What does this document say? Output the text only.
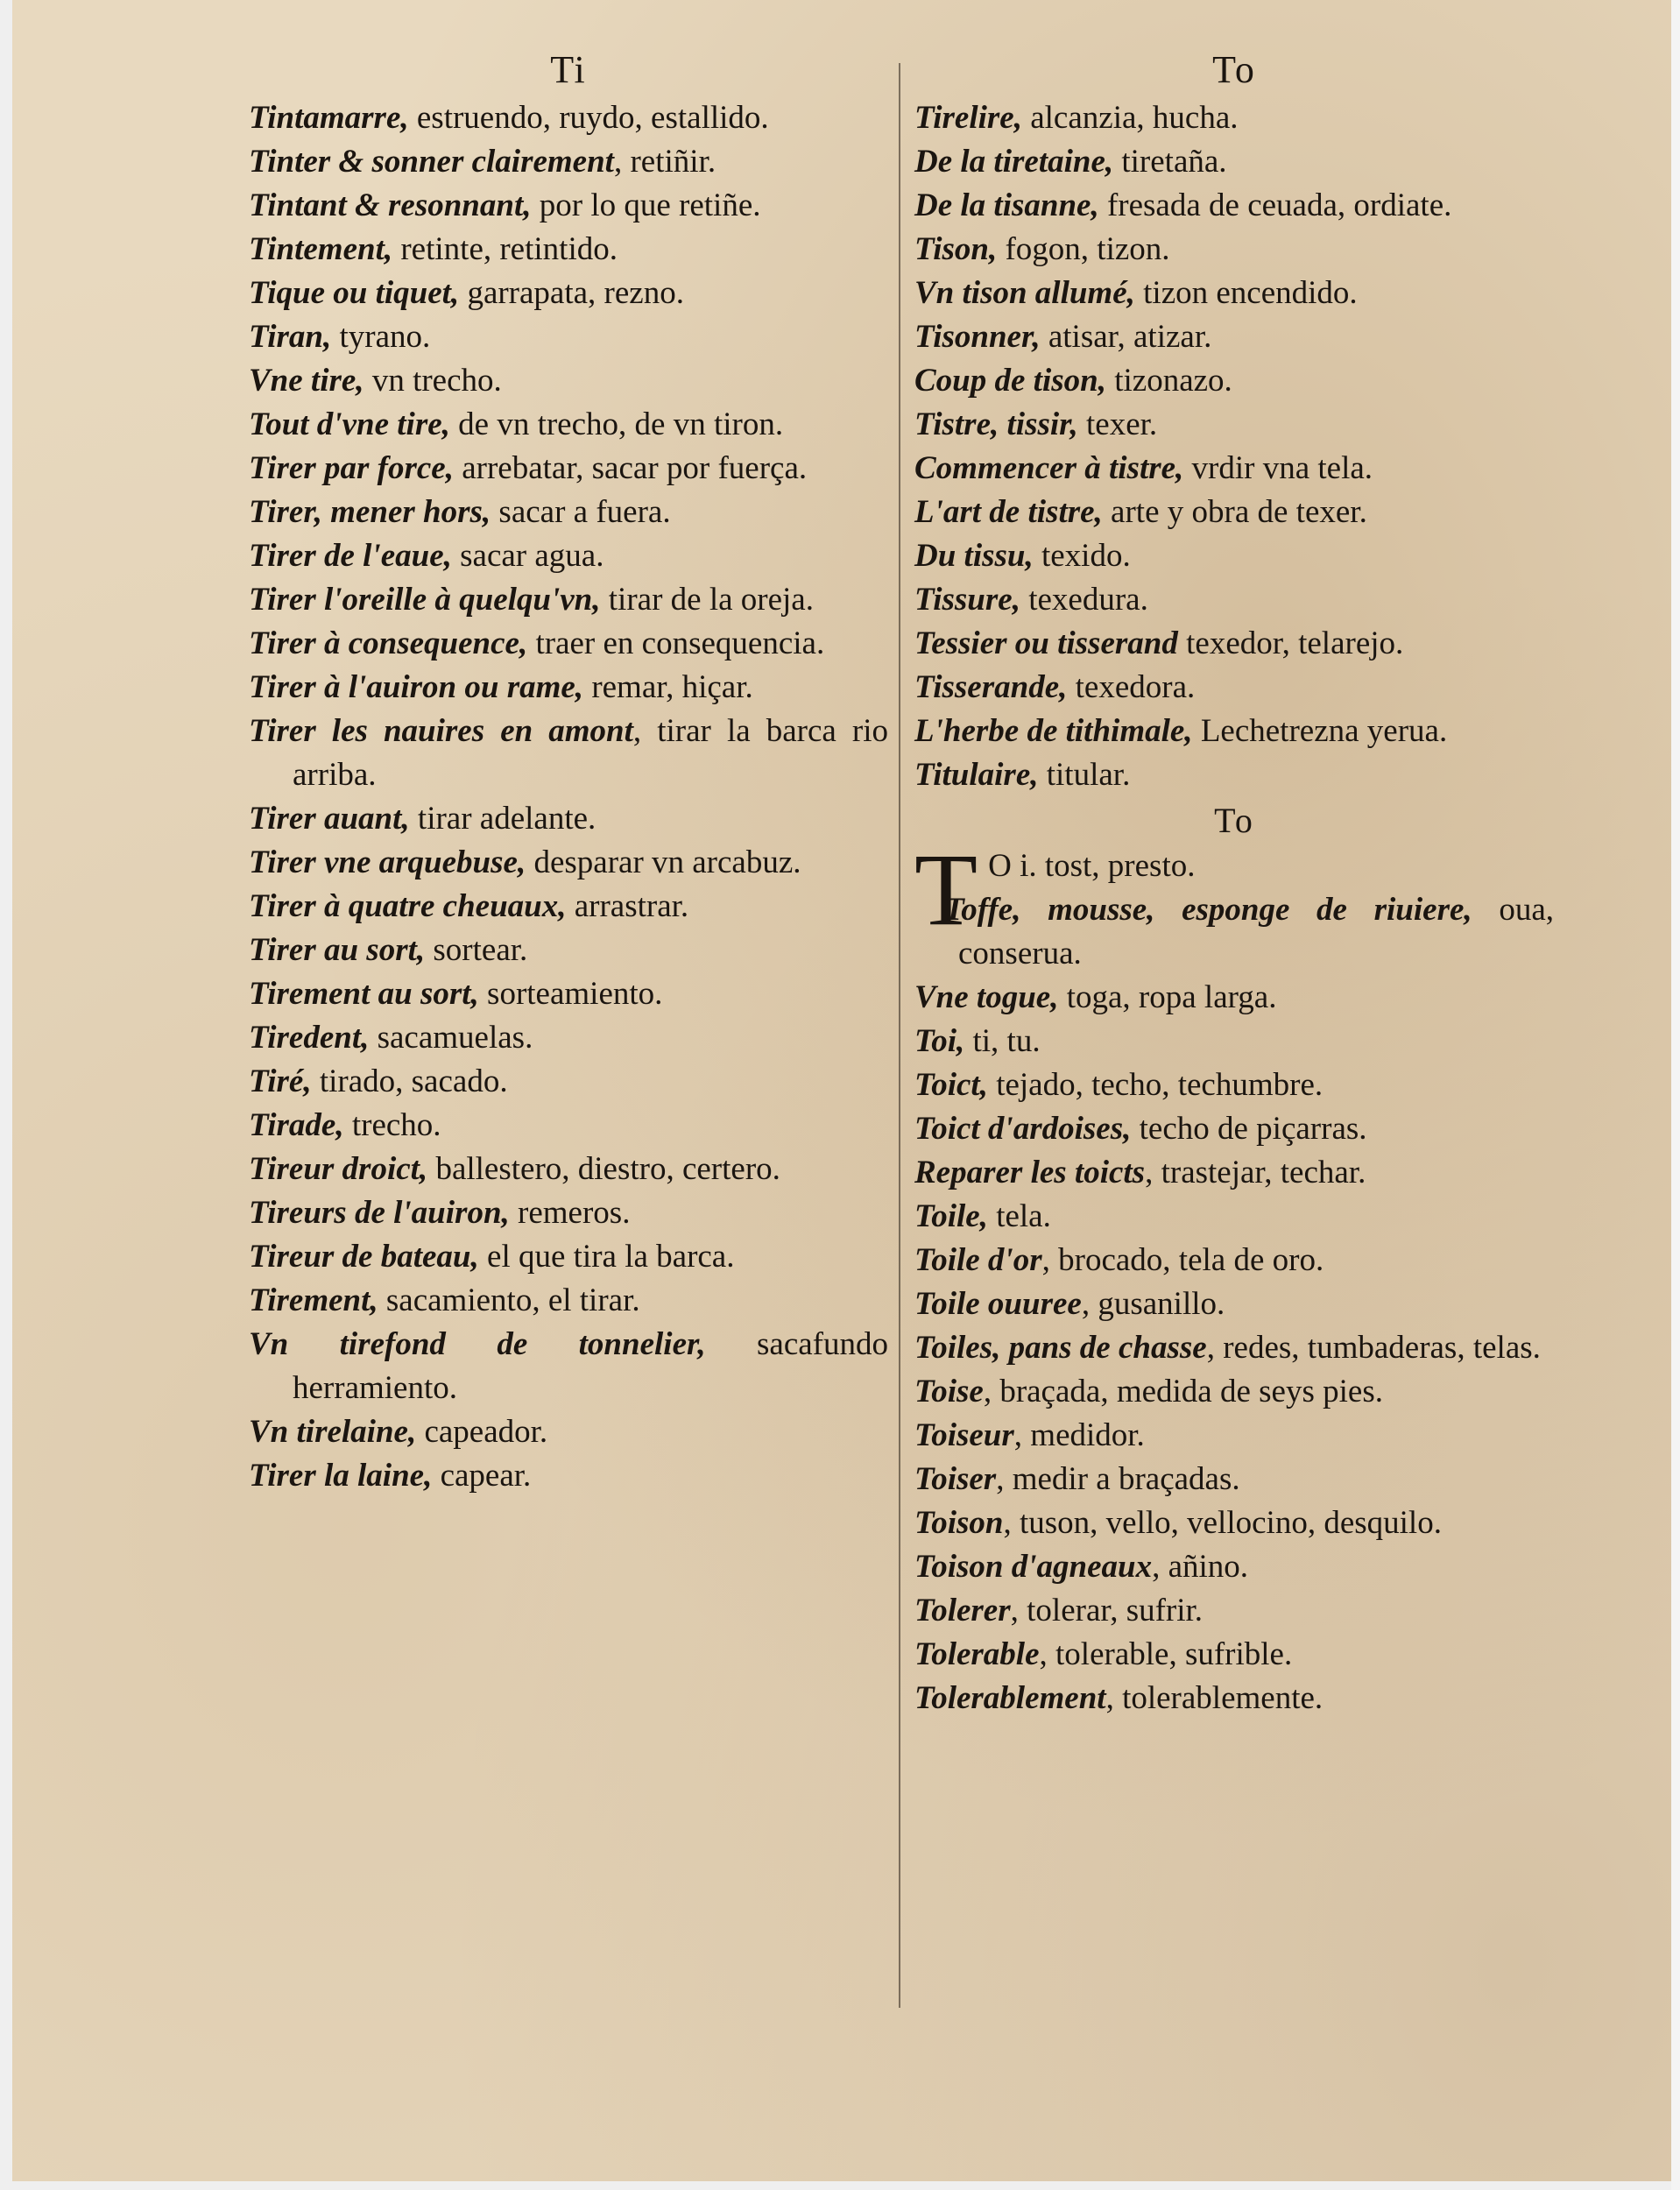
Ti
Tintamarre, estruendo, ruydo, estallido.
Tinter & sonner clairement, retiñir.
Tintant & resonnant, por lo que retiñe.
Tintement, retinte, retintido.
Tique ou tiquet, garrapata, rezno.
Tiran, tyrano.
Vne tire, vn trecho.
Tout d'vne tire, de vn trecho, de vn tiron.
Tirer par force, arrebatar, sacar por fuerça.
Tirer, mener hors, sacar a fuera.
Tirer de l'eaue, sacar agua.
Tirer l'oreille à quelqu'vn, tirar de la oreja.
Tirer à consequence, traer en consequencia.
Tirer à l'auiron ou rame, remar, hiçar.
Tirer les nauires en amont, tirar la barca rio arriba.
Tirer auant, tirar adelante.
Tirer vne arquebuse, desparar vn arcabuz.
Tirer à quatre cheuaux, arrastrar.
Tirer au sort, sortear.
Tirement au sort, sorteamiento.
Tiredent, sacamuelas.
Tiré, tirado, sacado.
Tirade, trecho.
Tireur droict, ballestero, diestro, certero.
Tireurs de l'auiron, remeros.
Tireur de bateau, el que tira la barca.
Tirement, sacamiento, el tirar.
Vn tirefond de tonnelier, sacafundo herramiento.
Vn tirelaine, capeador.
Tirer la laine, capear.
To
Tirelire, alcanzia, hucha.
De la tiretaine, tiretaña.
De la tisanne, fresada de ceuada, ordiate.
Tison, fogon, tizon.
Vn tison allumé, tizon encendido.
Tisonner, atisar, atizar.
Coup de tison, tizonazo.
Tistre, tissir, texer.
Commencer à tistre, vrdir vna tela.
L'art de tistre, arte y obra de texer.
Du tissu, texido.
Tissure, texedura.
Tessier ou tisserand texedor, telarejo.
Tisserande, texedora.
L'herbe de tithimale, Lechetrezna yerua.
Titulaire, titular.
To
T O i. tost, presto.
Toffe, mousse, esponge de riuiere, oua, conserua.
Vne togue, toga, ropa larga.
Toi, ti, tu.
Toict, tejado, techo, techumbre.
Toict d'ardoises, techo de piçarras.
Reparer les toicts, trastejar, techar.
Toile, tela.
Toile d'or, brocado, tela de oro.
Toile ouuree, gusanillo.
Toiles, pans de chasse, redes, tumbaderas, telas.
Toise, braçada, medida de seys pies.
Toiseur, medidor.
Toiser, medir a braçadas.
Toison, tuson, vello, vellocino, desquilo.
Toison d'agneaux, añino.
Tolerer, tolerar, sufrir.
Tolerable, tolerable, sufrible.
Tolerablement, tolerablemente.
